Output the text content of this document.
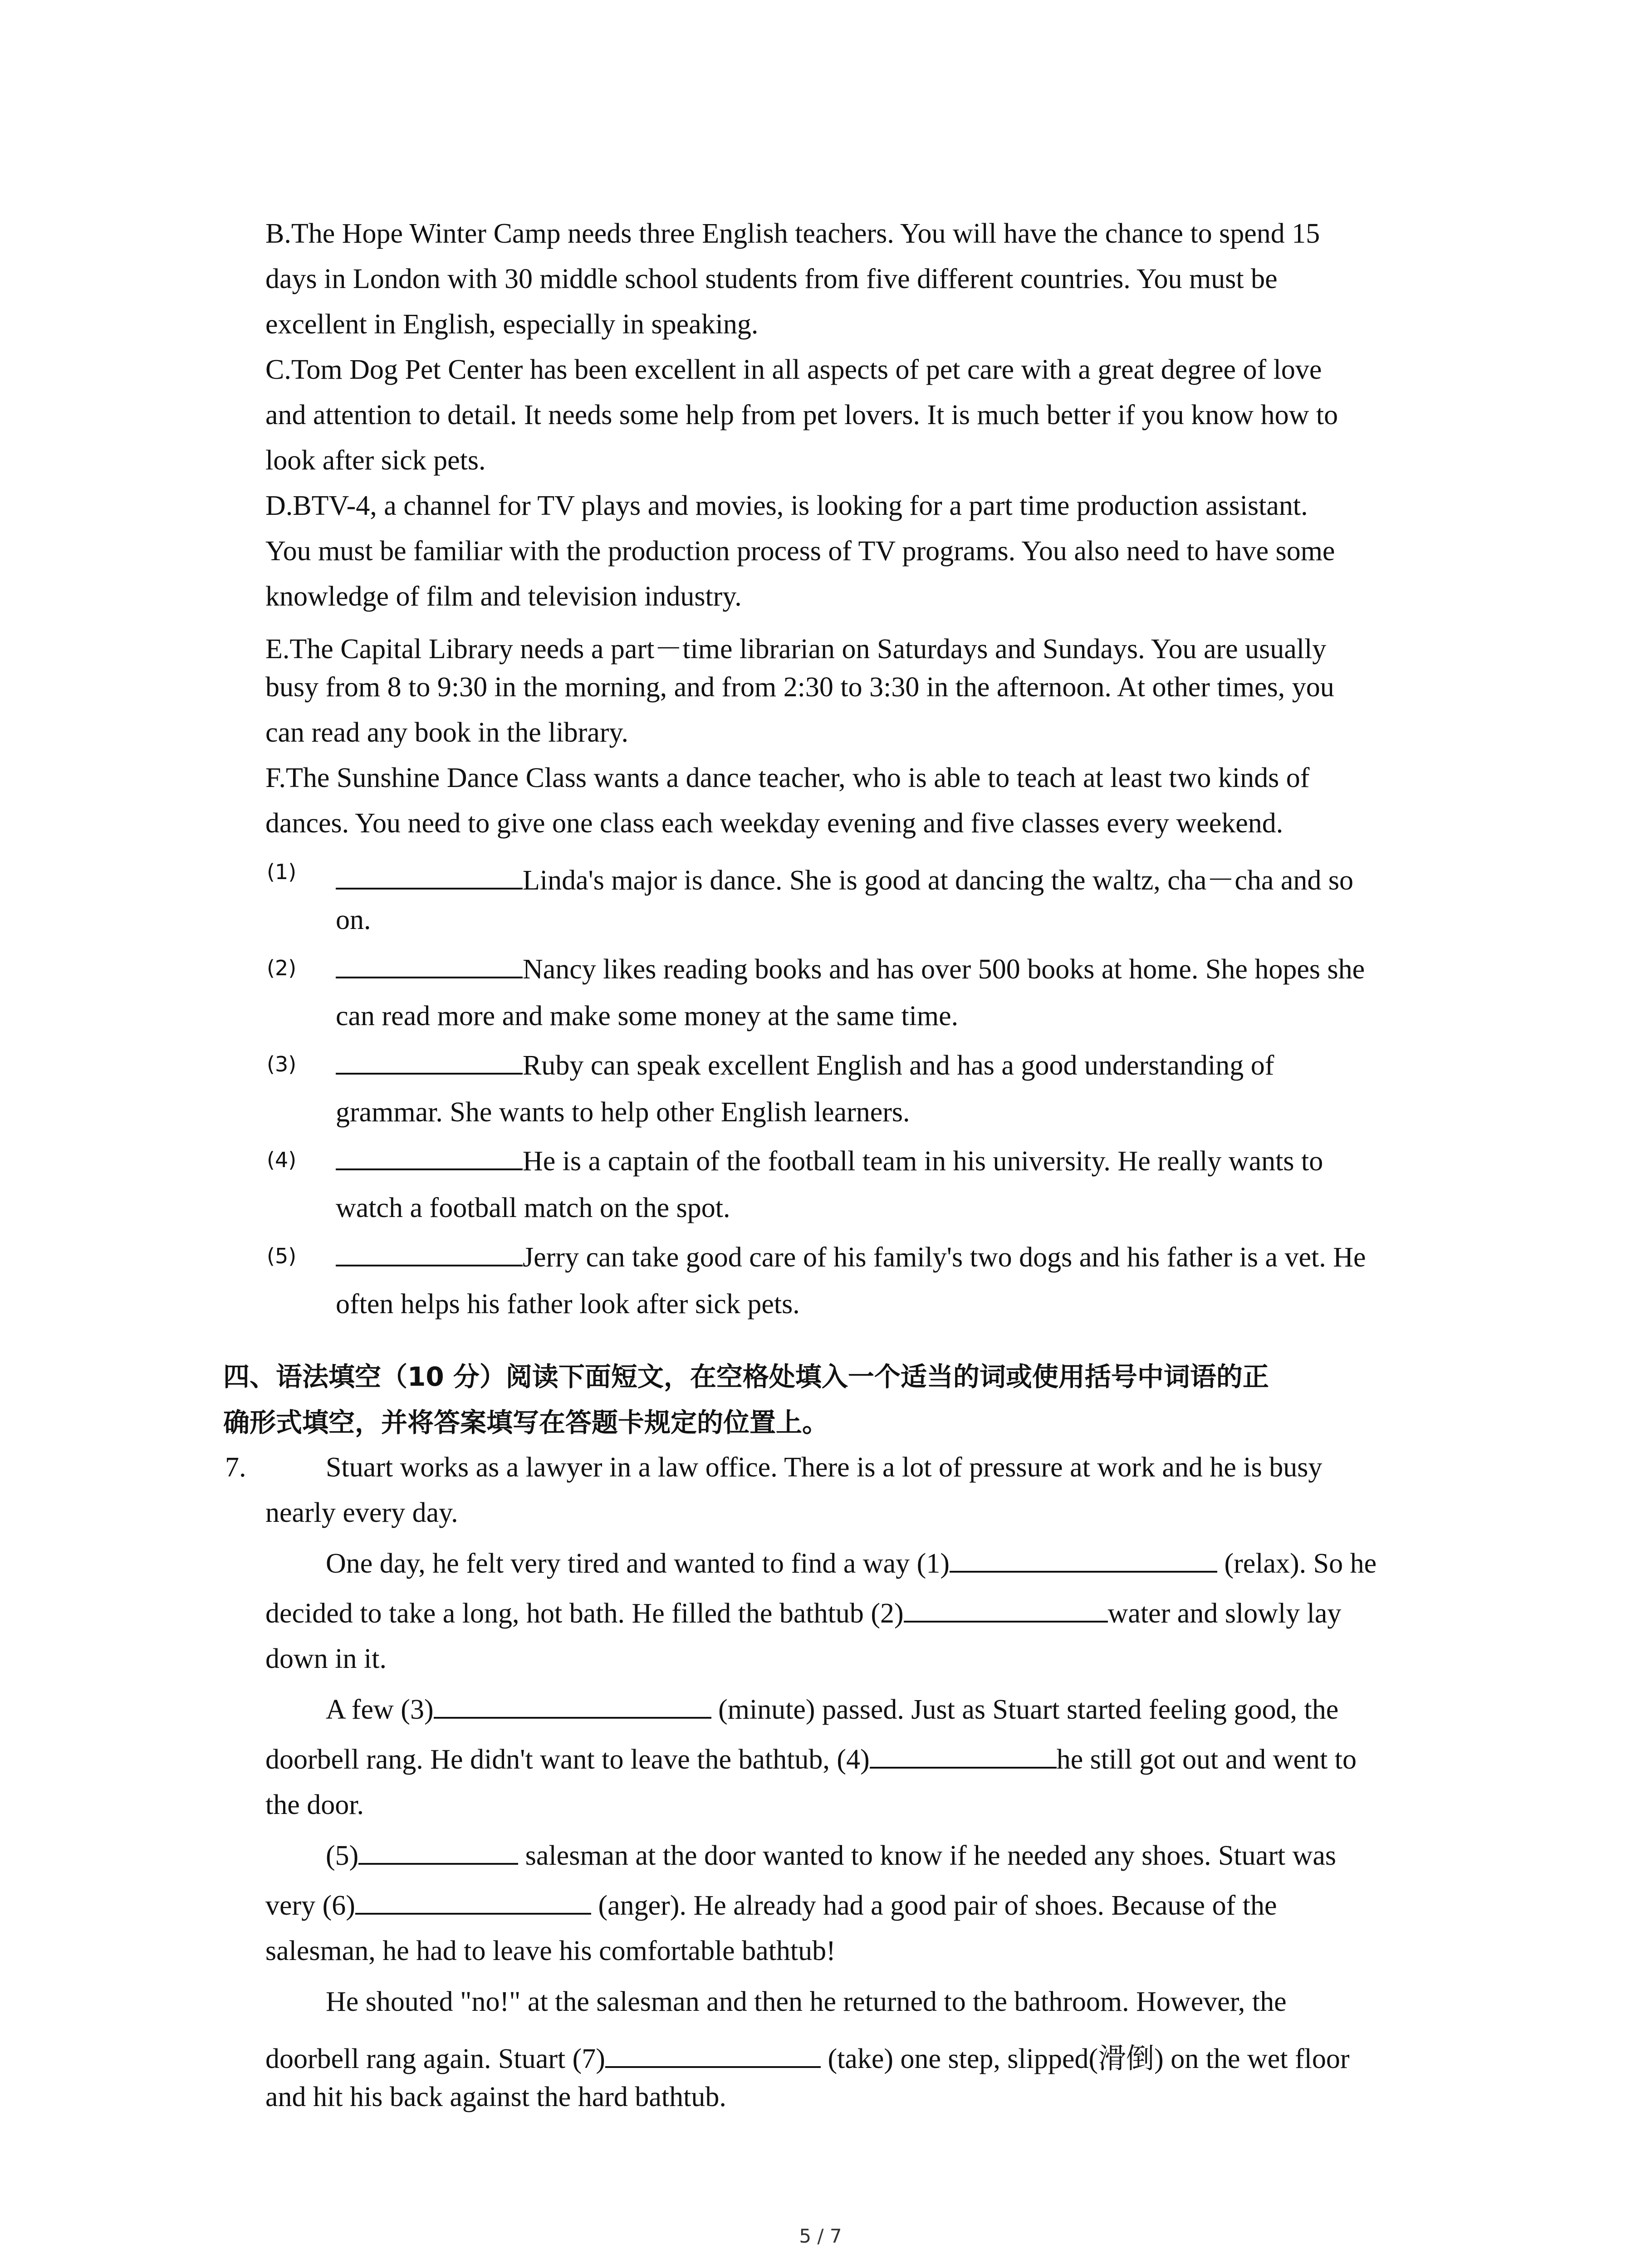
B.The Hope Winter Camp needs three English teachers. You will have the chance to spend 15
days in London with 30 middle school students from five different countries. You must be
excellent in English, especially in speaking.
C.Tom Dog Pet Center has been excellent in all aspects of pet care with a great degree of love
and attention to detail. It needs some help from pet lovers. It is much better if you know how to
look after sick pets.
D.BTV-4, a channel for TV plays and movies, is looking for a part time production assistant.
You must be familiar with the production process of TV programs. You also need to have some
knowledge of film and television industry.
E.The Capital Library needs a part－time librarian on Saturdays and Sundays. You are usually
busy from 8 to 9:30 in the morning, and from 2:30 to 3:30 in the afternoon. At other times, you
can read any book in the library.
F.The Sunshine Dance Class wants a dance teacher, who is able to teach at least two kinds of
dances. You need to give one class each weekday evening and five classes every weekend.
(1)	Linda's major is dance. She is good at dancing the waltz, cha－cha and so
on.
(2)	Nancy likes reading books and has over 500 books at home. She hopes she
can read more and make some money at the same time.
(3)	Ruby can speak excellent English and has a good understanding of
grammar. She wants to help other English learners.
(4)	He is a captain of the football team in his university. He really wants to
watch a football match on the spot.
(5)	Jerry can take good care of his family's two dogs and his father is a vet. He
often helps his father look after sick pets.
四、语法填空（10 分）阅读下面短文，在空格处填入一个适当的词或使用括号中词语的正
确形式填空，并将答案填写在答题卡规定的位置上。
7.	Stuart works as a lawyer in a law office. There is a lot of pressure at work and he is busy
nearly every day.
One day, he felt very tired and wanted to find a way (1)	(relax). So he
decided to take a long, hot bath. He filled the bathtub (2)	water and slowly lay
down in it.
A few (3)	(minute) passed. Just as Stuart started feeling good, the
doorbell rang. He didn't want to leave the bathtub, (4)	he still got out and went to
the door.
(5)	salesman at the door wanted to know if he needed any shoes. Stuart was
very (6)	(anger). He already had a good pair of shoes. Because of the
salesman, he had to leave his comfortable bathtub!
He shouted "no!" at the salesman and then he returned to the bathroom. However, the
doorbell rang again. Stuart (7)	(take) one step, slipped(滑倒) on the wet floor
and hit his back against the hard bathtub.
5 / 7
